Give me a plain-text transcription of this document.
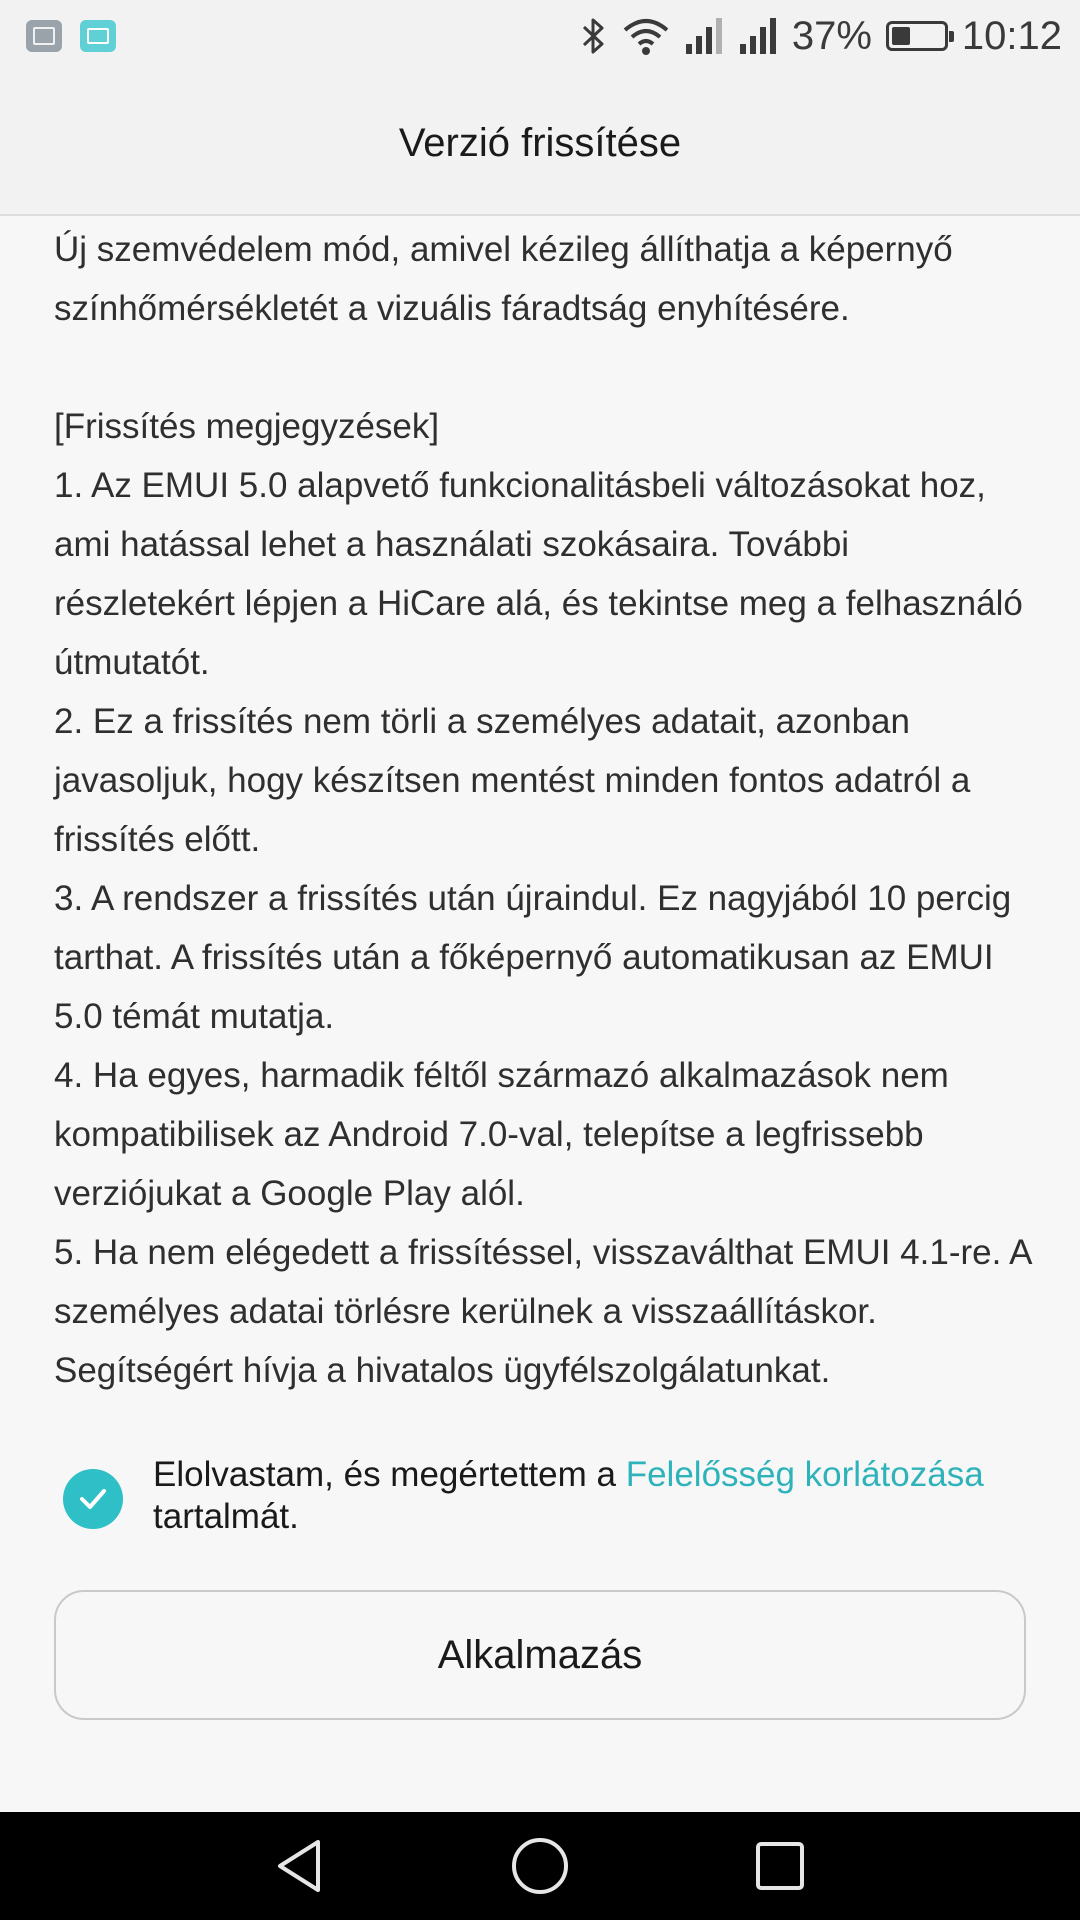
37% 10:12
Verzió frissítése

Új szemvédelem mód, amivel kézileg állíthatja a képernyő színhőmérsékletét a vizuális fáradtság enyhítésére.

[Frissítés megjegyzések]

1. Az EMUI 5.0 alapvető funkcionalitásbeli változásokat hoz, ami hatással lehet a használati szokásaira. További részletekért lépjen a HiCare alá, és tekintse meg a felhasználó útmutatót.

2. Ez a frissítés nem törli a személyes adatait, azonban javasoljuk, hogy készítsen mentést minden fontos adatról a frissítés előtt.

3. A rendszer a frissítés után újraindul. Ez nagyjából 10 percig tarthat. A frissítés után a főképernyő automatikusan az EMUI 5.0 témát mutatja.

4. Ha egyes, harmadik féltől származó alkalmazások nem kompatibilisek az Android 7.0-val, telepítse a legfrissebb verziójukat a Google Play alól.

5. Ha nem elégedett a frissítéssel, visszaválthat EMUI 4.1-re. A személyes adatai törlésre kerülnek a visszaállításkor. Segítségért hívja a hivatalos ügyfélszolgálatunkat.

Elolvastam, és megértettem a Felelősség korlátozása tartalmát.
Alkalmazás
